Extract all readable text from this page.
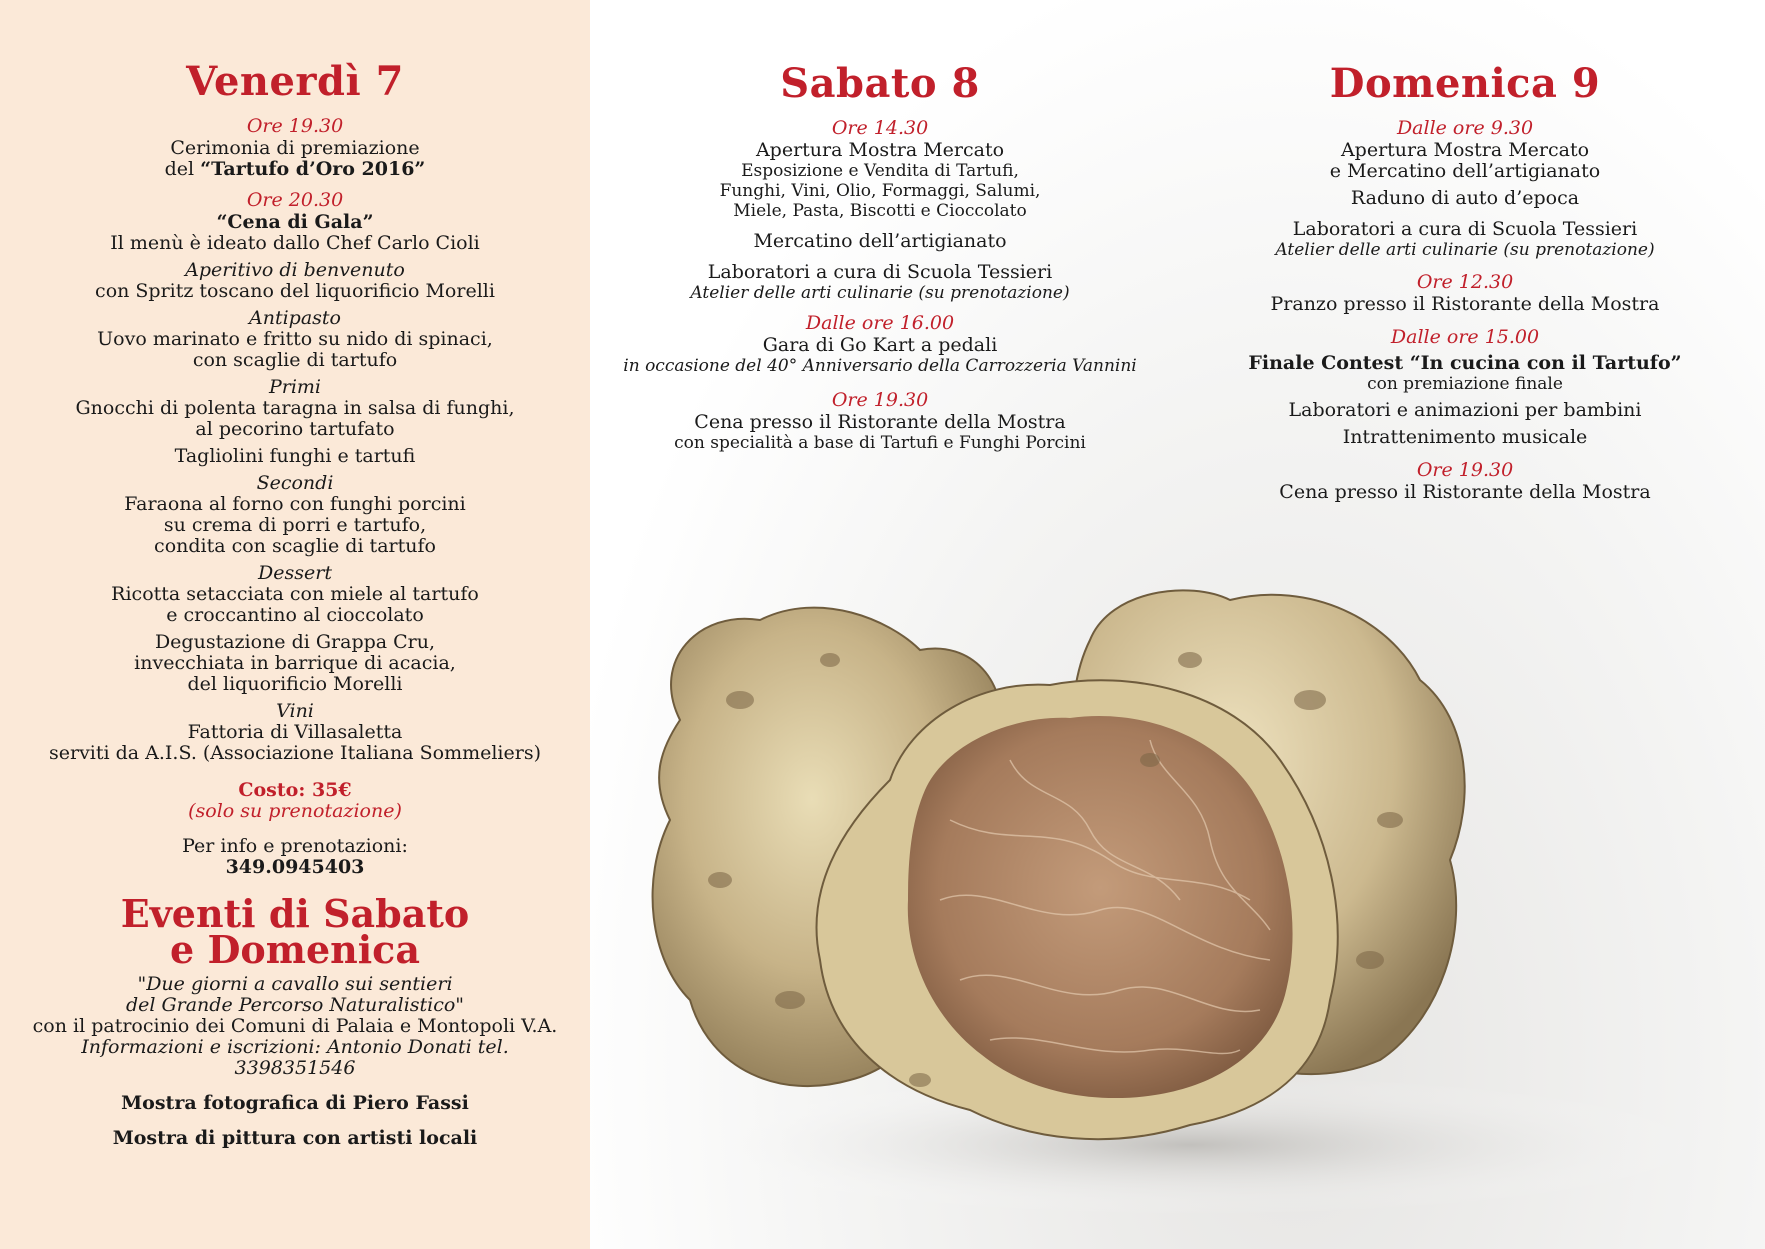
Venerdì 7
Ore 19.30
Cerimonia di premiazione
del “Tartufo d’Oro 2016”
Ore 20.30
“Cena di Gala”
Il menù è ideato dallo Chef Carlo Cioli
Aperitivo di benvenuto
con Spritz toscano del liquorificio Morelli
Antipasto
Uovo marinato e fritto su nido di spinaci,
con scaglie di tartufo
Primi
Gnocchi di polenta taragna in salsa di funghi,
al pecorino tartufato
Tagliolini funghi e tartufi
Secondi
Faraona al forno con funghi porcini
su crema di porri e tartufo,
condita con scaglie di tartufo
Dessert
Ricotta setacciata con miele al tartufo
e croccantino al cioccolato
Degustazione di Grappa Cru,
invecchiata in barrique di acacia,
del liquorificio Morelli
Vini
Fattoria di Villasaletta
serviti da A.I.S. (Associazione Italiana Sommeliers)
Costo: 35€
(solo su prenotazione)
Per info e prenotazioni:
349.0945403
Eventi di Sabato
e Domenica
"Due giorni a cavallo sui sentieri
del Grande Percorso Naturalistico"
con il patrocinio dei Comuni di Palaia e Montopoli V.A.
Informazioni e iscrizioni: Antonio Donati tel. 3398351546
Mostra fotografica di Piero Fassi
Mostra di pittura con artisti locali
Sabato 8
Ore 14.30
Apertura Mostra Mercato
Esposizione e Vendita di Tartufi,
Funghi, Vini, Olio, Formaggi, Salumi,
Miele, Pasta, Biscotti e Cioccolato
Mercatino dell’artigianato
Laboratori a cura di Scuola Tessieri
Atelier delle arti culinarie (su prenotazione)
Dalle ore 16.00
Gara di Go Kart a pedali
in occasione del 40° Anniversario della Carrozzeria Vannini
Ore 19.30
Cena presso il Ristorante della Mostra
con specialità a base di Tartufi e Funghi Porcini
Domenica 9
Dalle ore 9.30
Apertura Mostra Mercato
e Mercatino dell’artigianato
Raduno di auto d’epoca
Laboratori a cura di Scuola Tessieri
Atelier delle arti culinarie (su prenotazione)
Ore 12.30
Pranzo presso il Ristorante della Mostra
Dalle ore 15.00
Finale Contest “In cucina con il Tartufo”
con premiazione finale
Laboratori e animazioni per bambini
Intrattenimento musicale
Ore 19.30
Cena presso il Ristorante della Mostra
